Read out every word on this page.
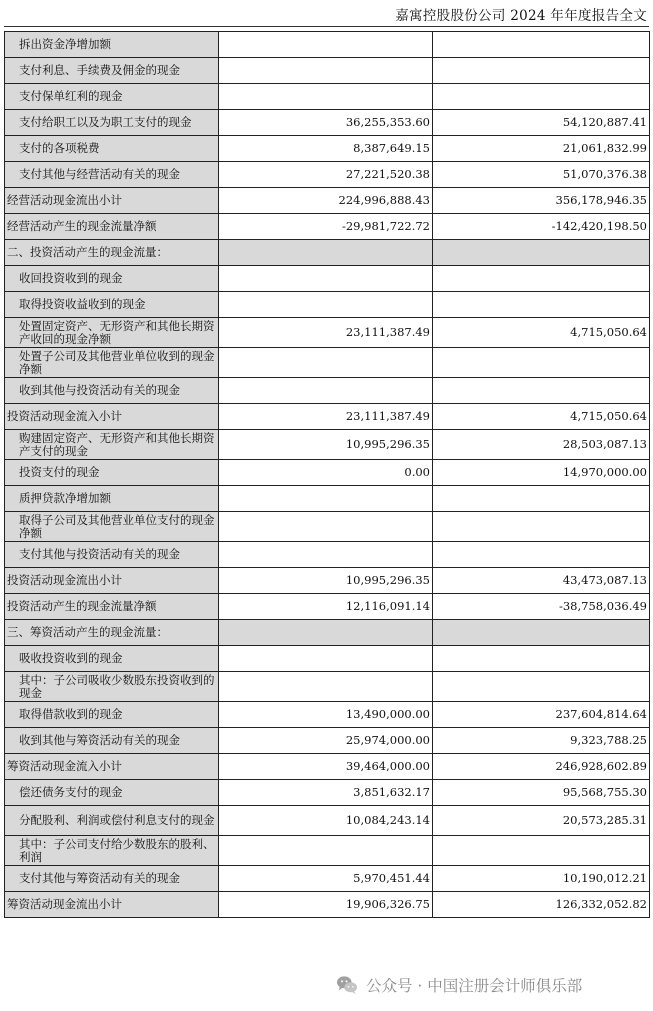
嘉寓控股股份公司 2024 年年度报告全文
拆出资金净增加额		
支付利息、手续费及佣金的现金		
支付保单红利的现金		
支付给职工以及为职工支付的现金	36,255,353.60	54,120,887.41
支付的各项税费	8,387,649.15	21,061,832.99
支付其他与经营活动有关的现金	27,221,520.38	51,070,376.38
经营活动现金流出小计	224,996,888.43	356,178,946.35
经营活动产生的现金流量净额	-29,981,722.72	-142,420,198.50
二、投资活动产生的现金流量：		
收回投资收到的现金		
取得投资收益收到的现金		
处置固定资产、无形资产和其他长期资产收回的现金净额	23,111,387.49	4,715,050.64
处置子公司及其他营业单位收到的现金净额		
收到其他与投资活动有关的现金		
投资活动现金流入小计	23,111,387.49	4,715,050.64
购建固定资产、无形资产和其他长期资产支付的现金	10,995,296.35	28,503,087.13
投资支付的现金	0.00	14,970,000.00
质押贷款净增加额		
取得子公司及其他营业单位支付的现金净额		
支付其他与投资活动有关的现金		
投资活动现金流出小计	10,995,296.35	43,473,087.13
投资活动产生的现金流量净额	12,116,091.14	-38,758,036.49
三、筹资活动产生的现金流量：		
吸收投资收到的现金		
其中：子公司吸收少数股东投资收到的现金		
取得借款收到的现金	13,490,000.00	237,604,814.64
收到其他与筹资活动有关的现金	25,974,000.00	9,323,788.25
筹资活动现金流入小计	39,464,000.00	246,928,602.89
偿还债务支付的现金	3,851,632.17	95,568,755.30
分配股利、利润或偿付利息支付的现金	10,084,243.14	20,573,285.31
其中：子公司支付给少数股东的股利、利润		
支付其他与筹资活动有关的现金	5,970,451.44	10,190,012.21
筹资活动现金流出小计	19,906,326.75	126,332,052.82
公众号 · 中国注册会计师俱乐部
